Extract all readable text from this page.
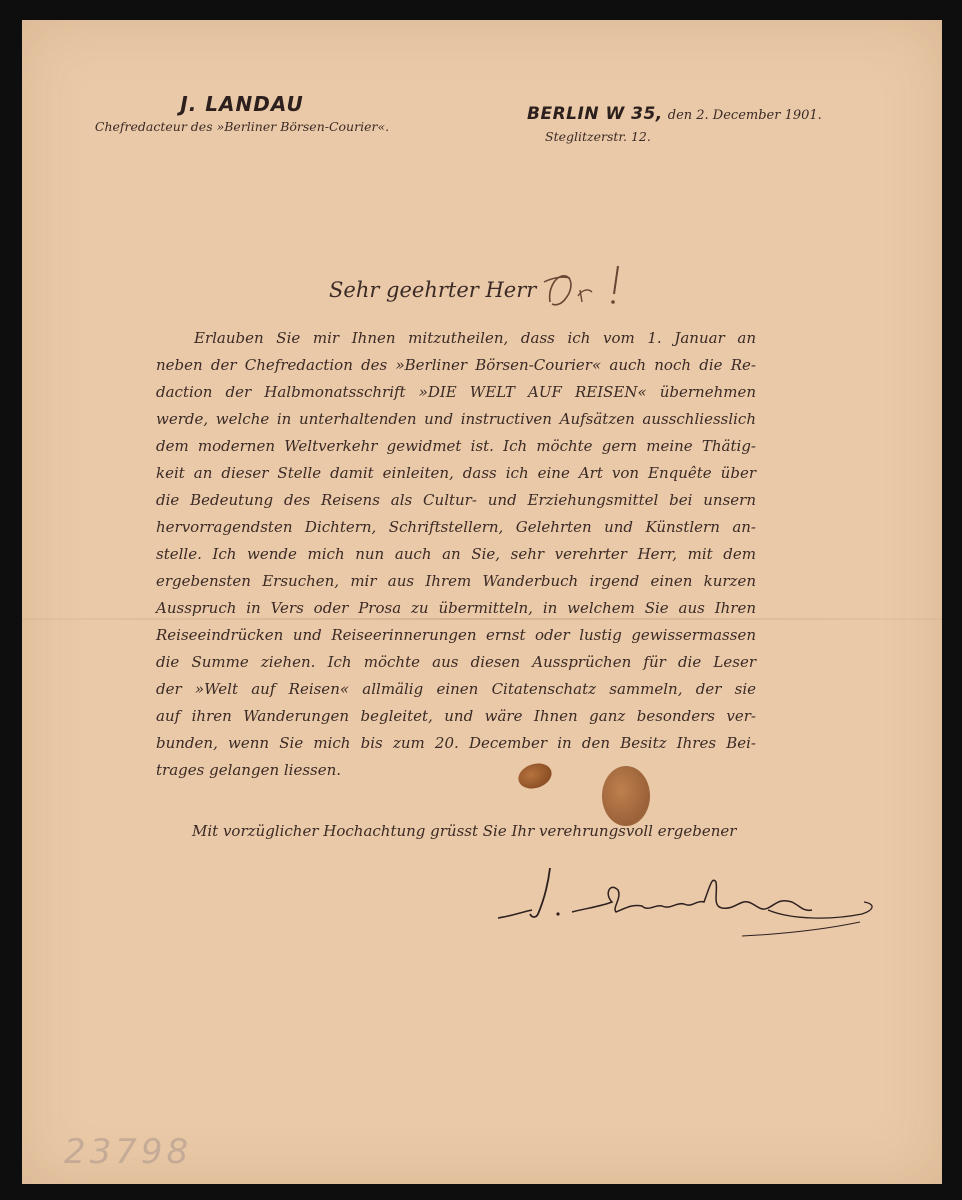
J. LANDAU
Chefredacteur des »Berliner Börsen-Courier«.
BERLIN W 35, den 2. December 1901.
Steglitzerstr. 12.
Sehr geehrter Herr
Erlauben Sie mir Ihnen mitzutheilen, dass ich vom 1. Januar an
neben der Chefredaction des »Berliner Börsen-Courier« auch noch die Re-
daction der Halbmonatsschrift »DIE WELT AUF REISEN« übernehmen
werde, welche in unterhaltenden und instructiven Aufsätzen ausschliesslich
dem modernen Weltverkehr gewidmet ist. Ich möchte gern meine Thätig-
keit an dieser Stelle damit einleiten, dass ich eine Art von Enquête über
die Bedeutung des Reisens als Cultur- und Erziehungsmittel bei unsern
hervorragendsten Dichtern, Schriftstellern, Gelehrten und Künstlern an-
stelle. Ich wende mich nun auch an Sie, sehr verehrter Herr, mit dem
ergebensten Ersuchen, mir aus Ihrem Wanderbuch irgend einen kurzen
Ausspruch in Vers oder Prosa zu übermitteln, in welchem Sie aus Ihren
Reiseeindrücken und Reiseerinnerungen ernst oder lustig gewissermassen
die Summe ziehen. Ich möchte aus diesen Aussprüchen für die Leser
der »Welt auf Reisen« allmälig einen Citatenschatz sammeln, der sie
auf ihren Wanderungen begleitet, und wäre Ihnen ganz besonders ver-
bunden, wenn Sie mich bis zum 20. December in den Besitz Ihres Bei-
trages gelangen liessen.
Mit vorzüglicher Hochachtung grüsst Sie Ihr verehrungsvoll ergebener
23798
